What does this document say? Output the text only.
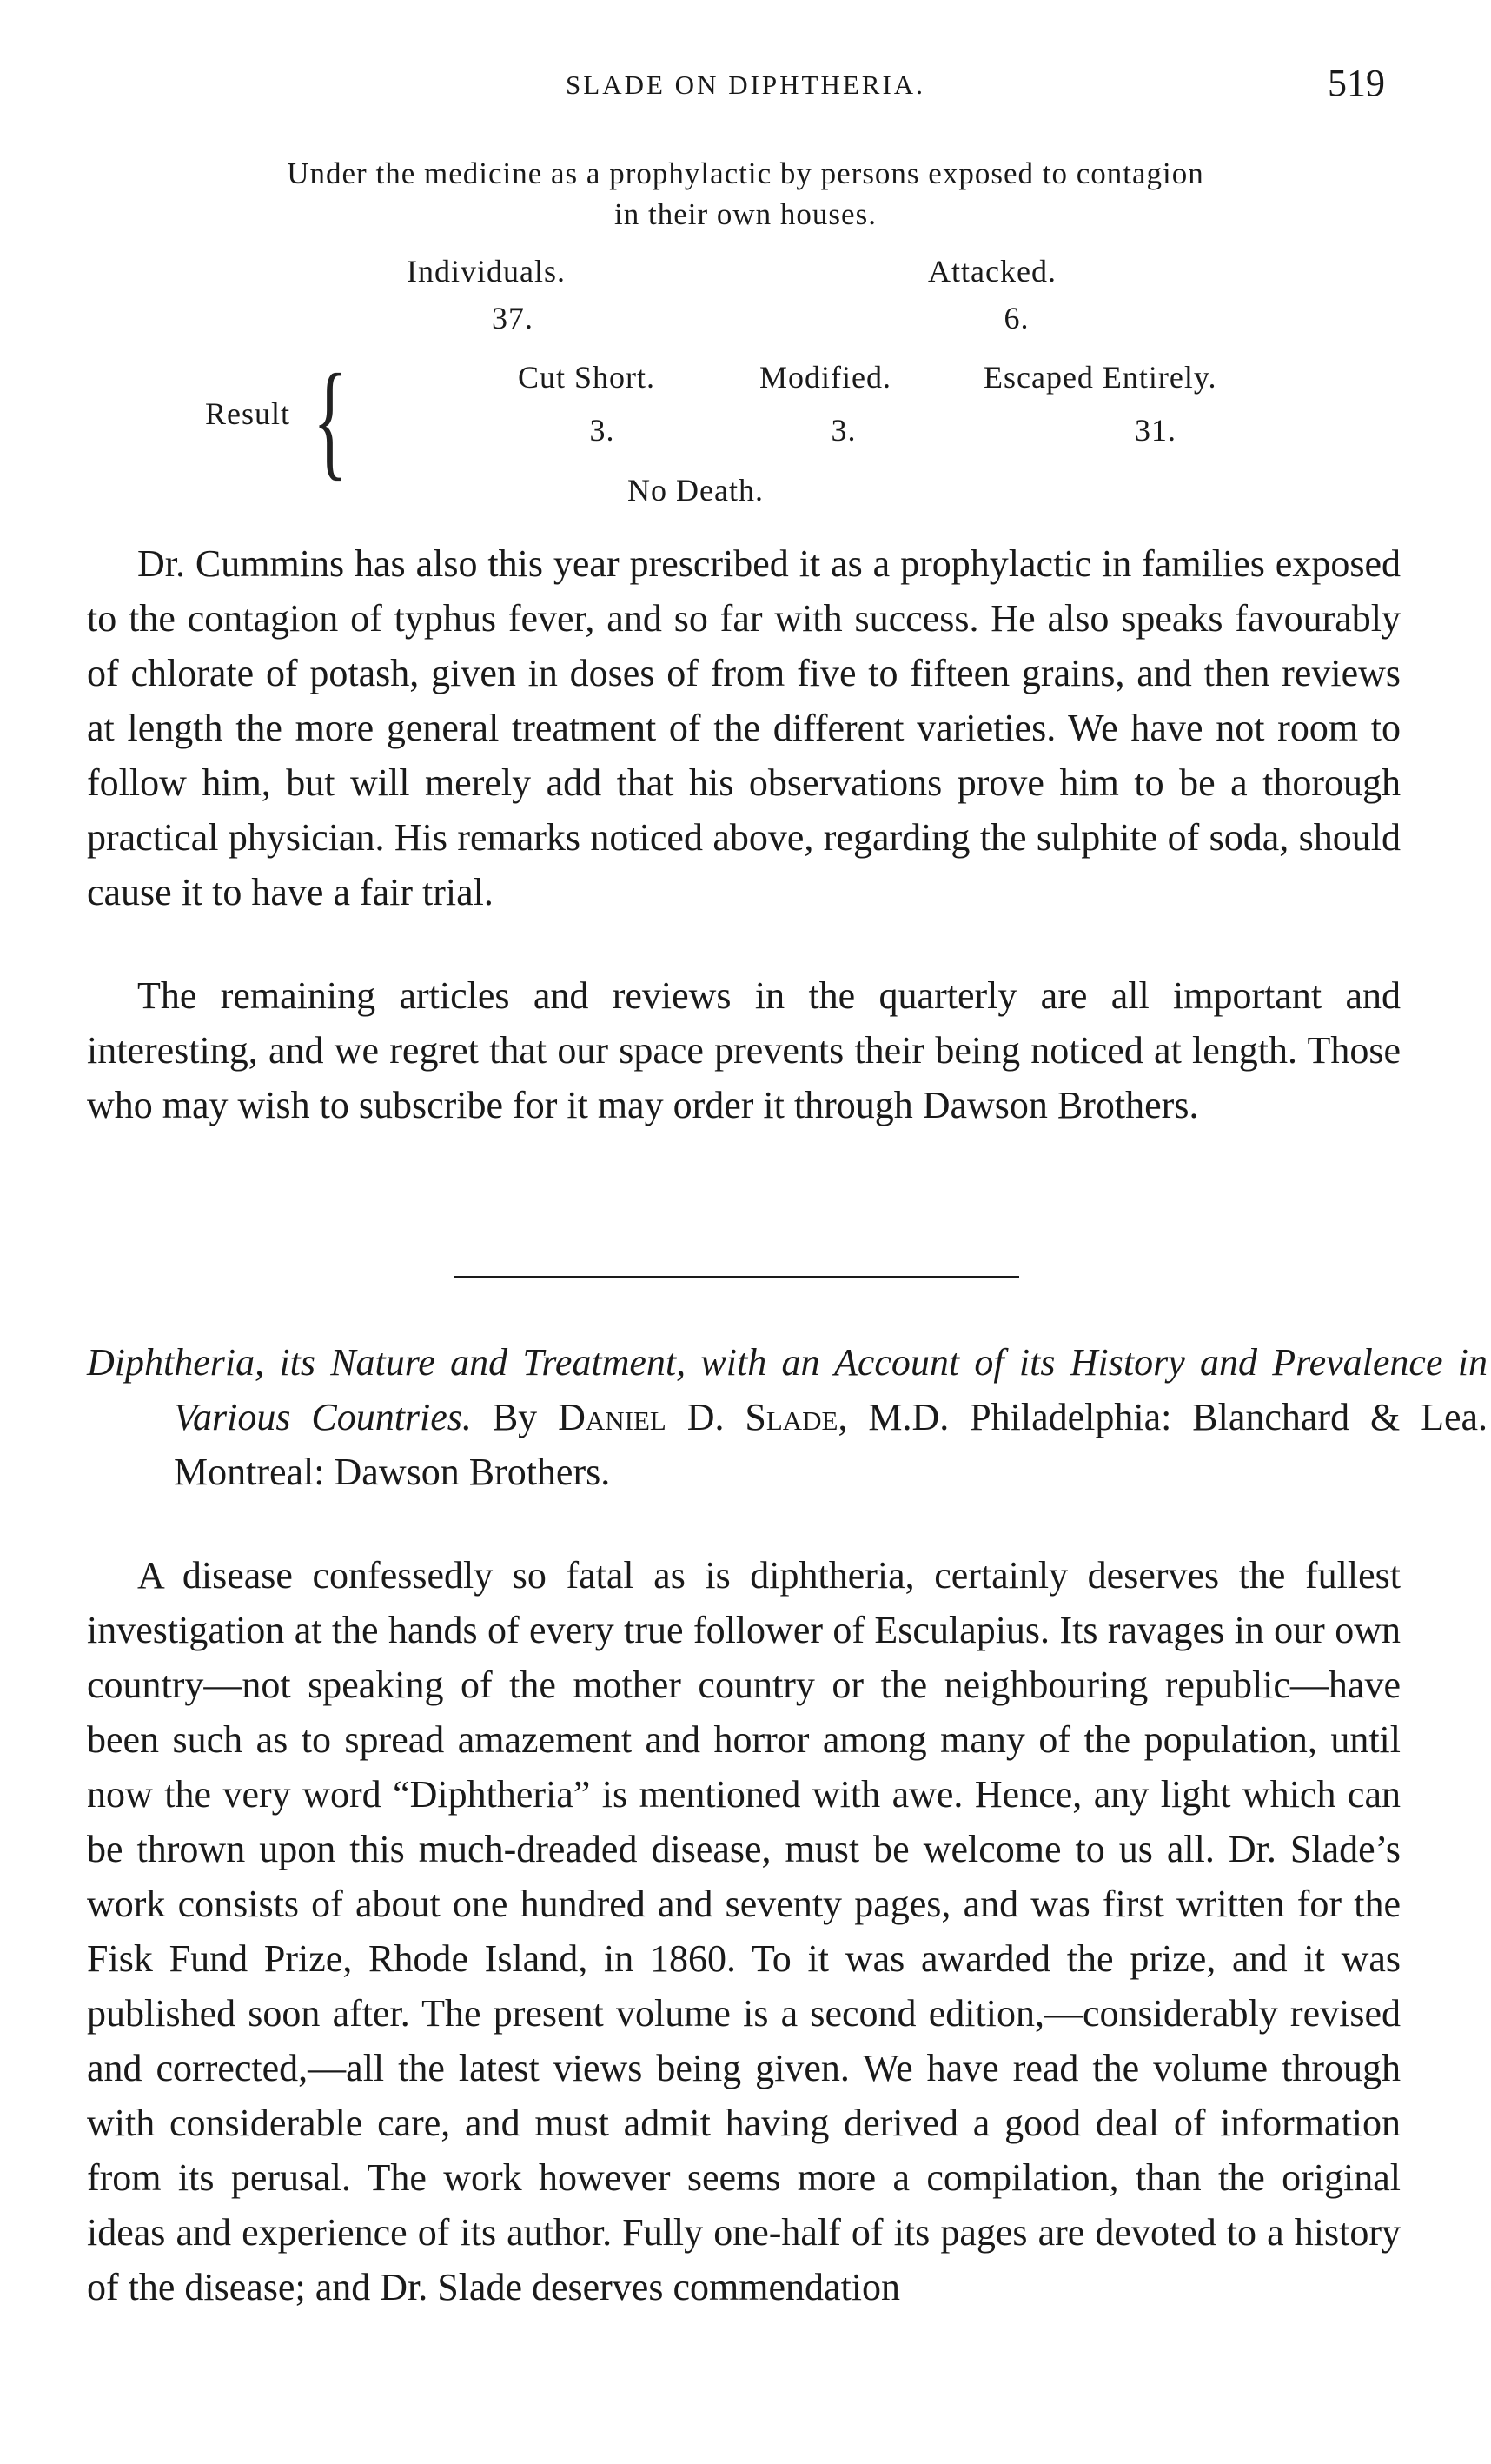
SLADE ON DIPHTHERIA.	519
Under the medicine as a prophylactic by persons exposed to contagion
in their own houses.
Individuals.
37.
Attacked.
6.
Result {	Cut Short.
3.
Modified.
3.
Escaped Entirely.
31.
No Death.

Dr. Cummins has also this year prescribed it as a prophylactic in families exposed to the contagion of typhus fever, and so far with success. He also speaks favourably of chlorate of potash, given in doses of from five to fifteen grains, and then reviews at length the more general treatment of the different varieties. We have not room to follow him, but will merely add that his observations prove him to be a thorough practical physician. His remarks noticed above, regarding the sulphite of soda, should cause it to have a fair trial.

The remaining articles and reviews in the quarterly are all important and interesting, and we regret that our space prevents their being noticed at length. Those who may wish to subscribe for it may order it through Dawson Brothers.

Diphtheria, its Nature and Treatment, with an Account of its History and Prevalence in Various Countries. By Daniel D. Slade, M.D. Philadelphia: Blanchard & Lea. Montreal: Dawson Brothers.

A disease confessedly so fatal as is diphtheria, certainly deserves the fullest investigation at the hands of every true follower of Esculapius. Its ravages in our own country—not speaking of the mother country or the neighbouring republic—have been such as to spread amazement and horror among many of the population, until now the very word “Diphtheria” is mentioned with awe. Hence, any light which can be thrown upon this much-dreaded disease, must be welcome to us all. Dr. Slade’s work consists of about one hundred and seventy pages, and was first written for the Fisk Fund Prize, Rhode Island, in 1860. To it was awarded the prize, and it was published soon after. The present volume is a second edition,—considerably revised and corrected,—all the latest views being given. We have read the volume through with considerable care, and must admit having derived a good deal of information from its perusal. The work however seems more a compilation, than the original ideas and experience of its author. Fully one-half of its pages are devoted to a history of the disease; and Dr. Slade deserves commendation
